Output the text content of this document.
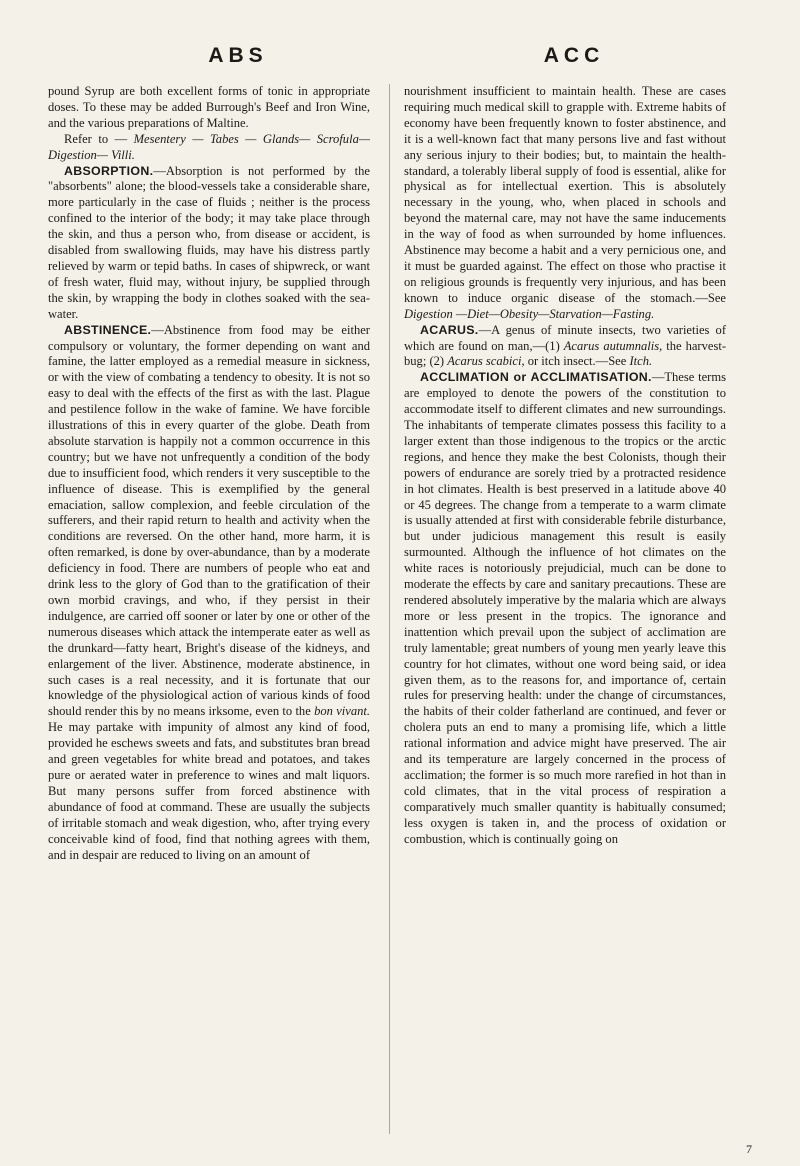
ABS	ACC

pound Syrup are both excellent forms of tonic in appropriate doses. To these may be added Burrough's Beef and Iron Wine, and the various preparations of Maltine.

Refer to — Mesentery — Tabes — Glands— Scrofula—Digestion— Villi.

ABSORPTION.—Absorption is not performed by the "absorbents" alone; the blood-vessels take a considerable share, more particularly in the case of fluids ; neither is the process confined to the interior of the body; it may take place through the skin, and thus a person who, from disease or accident, is disabled from swallowing fluids, may have his distress partly relieved by warm or tepid baths. In cases of shipwreck, or want of fresh water, fluid may, without injury, be supplied through the skin, by wrapping the body in clothes soaked with the sea-water.

ABSTINENCE.—Abstinence from food may be either compulsory or voluntary, the former depending on want and famine, the latter employed as a remedial measure in sickness, or with the view of combating a tendency to obesity. It is not so easy to deal with the effects of the first as with the last. Plague and pestilence follow in the wake of famine. We have forcible illustrations of this in every quarter of the globe. Death from absolute starvation is happily not a common occurrence in this country; but we have not unfrequently a condition of the body due to insufficient food, which renders it very susceptible to the influence of disease. This is exemplified by the general emaciation, sallow complexion, and feeble circulation of the sufferers, and their rapid return to health and activity when the conditions are reversed. On the other hand, more harm, it is often remarked, is done by over-abundance, than by a moderate deficiency in food. There are numbers of people who eat and drink less to the glory of God than to the gratification of their own morbid cravings, and who, if they persist in their indulgence, are carried off sooner or later by one or other of the numerous diseases which attack the intemperate eater as well as the drunkard—fatty heart, Bright's disease of the kidneys, and enlargement of the liver. Abstinence, moderate abstinence, in such cases is a real necessity, and it is fortunate that our knowledge of the physiological action of various kinds of food should render this by no means irksome, even to the bon vivant. He may partake with impunity of almost any kind of food, provided he eschews sweets and fats, and substitutes bran bread and green vegetables for white bread and potatoes, and takes pure or aerated water in preference to wines and malt liquors. But many persons suffer from forced abstinence with abundance of food at command. These are usually the subjects of irritable stomach and weak digestion, who, after trying every conceivable kind of food, find that nothing agrees with them, and in despair are reduced to living on an amount of

nourishment insufficient to maintain health. These are cases requiring much medical skill to grapple with. Extreme habits of economy have been frequently known to foster abstinence, and it is a well-known fact that many persons live and fast without any serious injury to their bodies; but, to maintain the health-standard, a tolerably liberal supply of food is essential, alike for physical as for intellectual exertion. This is absolutely necessary in the young, who, when placed in schools and beyond the maternal care, may not have the same inducements in the way of food as when surrounded by home influences. Abstinence may become a habit and a very pernicious one, and it must be guarded against. The effect on those who practise it on religious grounds is frequently very injurious, and has been known to induce organic disease of the stomach.—See Digestion —Diet—Obesity—Starvation—Fasting.

ACARUS.—A genus of minute insects, two varieties of which are found on man,—(1) Acarus autumnalis, the harvest-bug; (2) Acarus scabici, or itch insect.—See Itch.

ACCLIMATION or ACCLIMATISATION.—These terms are employed to denote the powers of the constitution to accommodate itself to different climates and new surroundings. The inhabitants of temperate climates possess this facility to a larger extent than those indigenous to the tropics or the arctic regions, and hence they make the best Colonists, though their powers of endurance are sorely tried by a protracted residence in hot climates. Health is best preserved in a latitude above 40 or 45 degrees. The change from a temperate to a warm climate is usually attended at first with considerable febrile disturbance, but under judicious management this result is easily surmounted. Although the influence of hot climates on the white races is notoriously prejudicial, much can be done to moderate the effects by care and sanitary precautions. These are rendered absolutely imperative by the malaria which are always more or less present in the tropics. The ignorance and inattention which prevail upon the subject of acclimation are truly lamentable; great numbers of young men yearly leave this country for hot climates, without one word being said, or idea given them, as to the reasons for, and importance of, certain rules for preserving health: under the change of circumstances, the habits of their colder fatherland are continued, and fever or cholera puts an end to many a promising life, which a little rational information and advice might have preserved. The air and its temperature are largely concerned in the process of acclimation; the former is so much more rarefied in hot than in cold climates, that in the vital process of respiration a comparatively much smaller quantity is habitually consumed; less oxygen is taken in, and the process of oxidation or combustion, which is continually going on

7
